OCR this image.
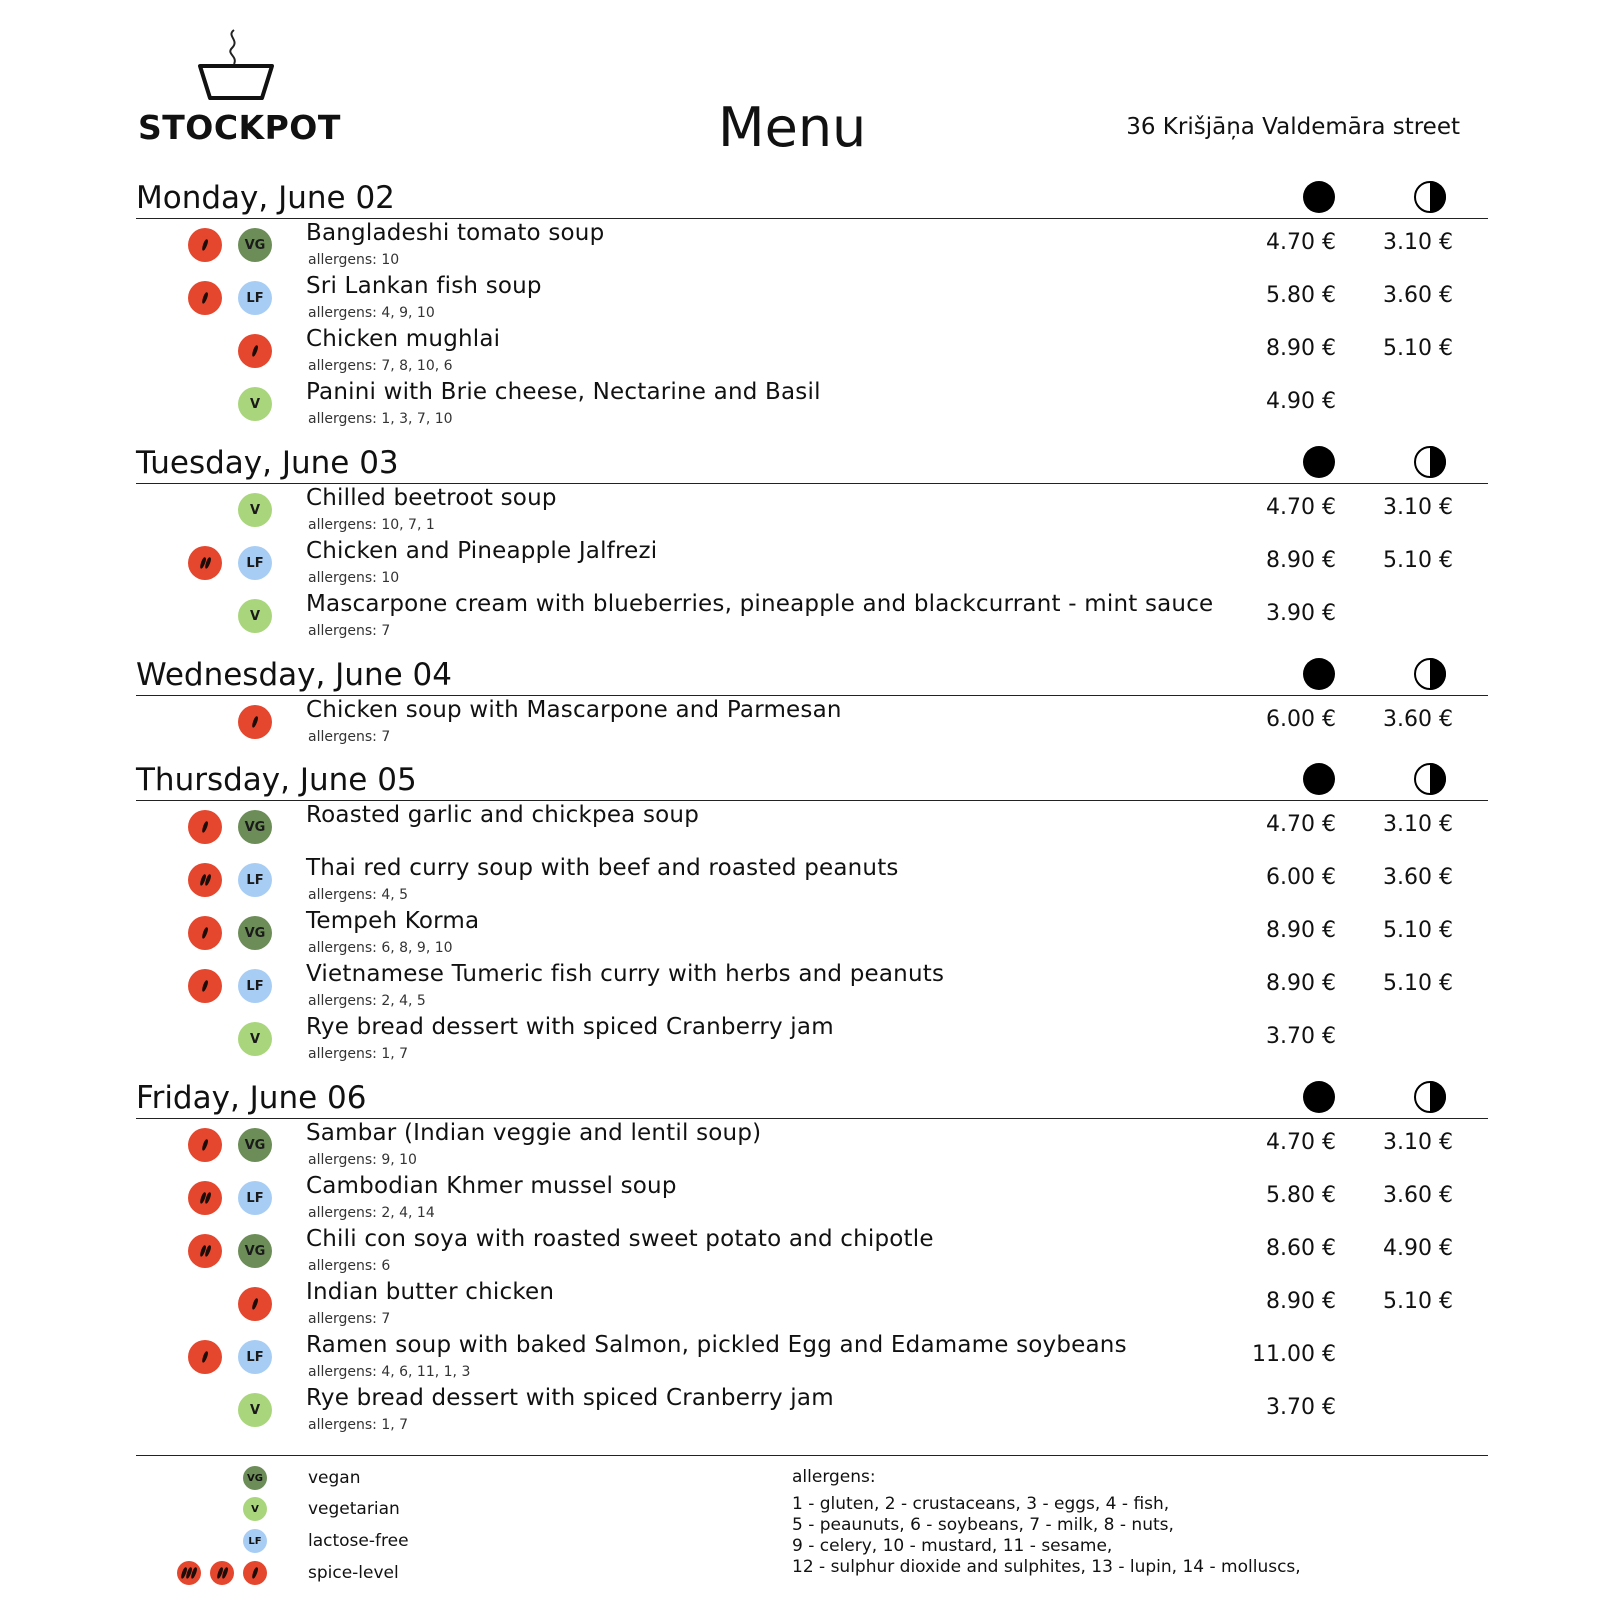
STOCKPOT	Menu	36 Krišjāņa Valdemāra street
Monday, June 02
VG Bangladeshi tomato soup
allergens: 10
4.70 €	3.10 €
LF	Sri Lankan fish soup
allergens: 4, 9, 10
5.80 €	3.60 €
Chicken mughlai
allergens: 7, 8, 10, 6
8.90 €	5.10 €
V	Panini with Brie cheese, Nectarine and Basil
allergens: 1, 3, 7, 10
4.90 €
Tuesday, June 03
V	Chilled beetroot soup
allergens: 10, 7, 1
4.70 €	3.10 €
LF	Chicken and Pineapple Jalfrezi
allergens: 10
8.90 €	5.10 €
V	Mascarpone cream with blueberries, pineapple and blackcurrant - mint sauce
allergens: 7
3.90 €
Wednesday, June 04
Chicken soup with Mascarpone and Parmesan
allergens: 7
6.00 €	3.60 €
Thursday, June 05
VG Roasted garlic and chickpea soup	4.70 €	3.10 €
LF	Thai red curry soup with beef and roasted peanuts
allergens: 4, 5
6.00 €	3.60 €
VG Tempeh Korma
allergens: 6, 8, 9, 10
8.90 €	5.10 €
LF	Vietnamese Tumeric fish curry with herbs and peanuts
allergens: 2, 4, 5
8.90 €	5.10 €
V	Rye bread dessert with spiced Cranberry jam
allergens: 1, 7
3.70 €
Friday, June 06
VG Sambar (Indian veggie and lentil soup)
allergens: 9, 10
4.70 €	3.10 €
LF	Cambodian Khmer mussel soup
allergens: 2, 4, 14
5.80 €	3.60 €
VG Chili con soya with roasted sweet potato and chipotle
allergens: 6
8.60 €	4.90 €
Indian butter chicken
allergens: 7
8.90 €	5.10 €
LF	Ramen soup with baked Salmon, pickled Egg and Edamame soybeans
allergens: 4, 6, 11, 1, 3
11.00 €
V	Rye bread dessert with spiced Cranberry jam
allergens: 1, 7
3.70 €
VG	vegan
V	vegetarian
LF	lactose-free
spice-level
allergens:
1 - gluten, 2 - crustaceans, 3 - eggs, 4 - fish,
5 - peaunuts, 6 - soybeans, 7 - milk, 8 - nuts,
9 - celery, 10 - mustard, 11 - sesame,
12 - sulphur dioxide and sulphites, 13 - lupin, 14 - molluscs,
